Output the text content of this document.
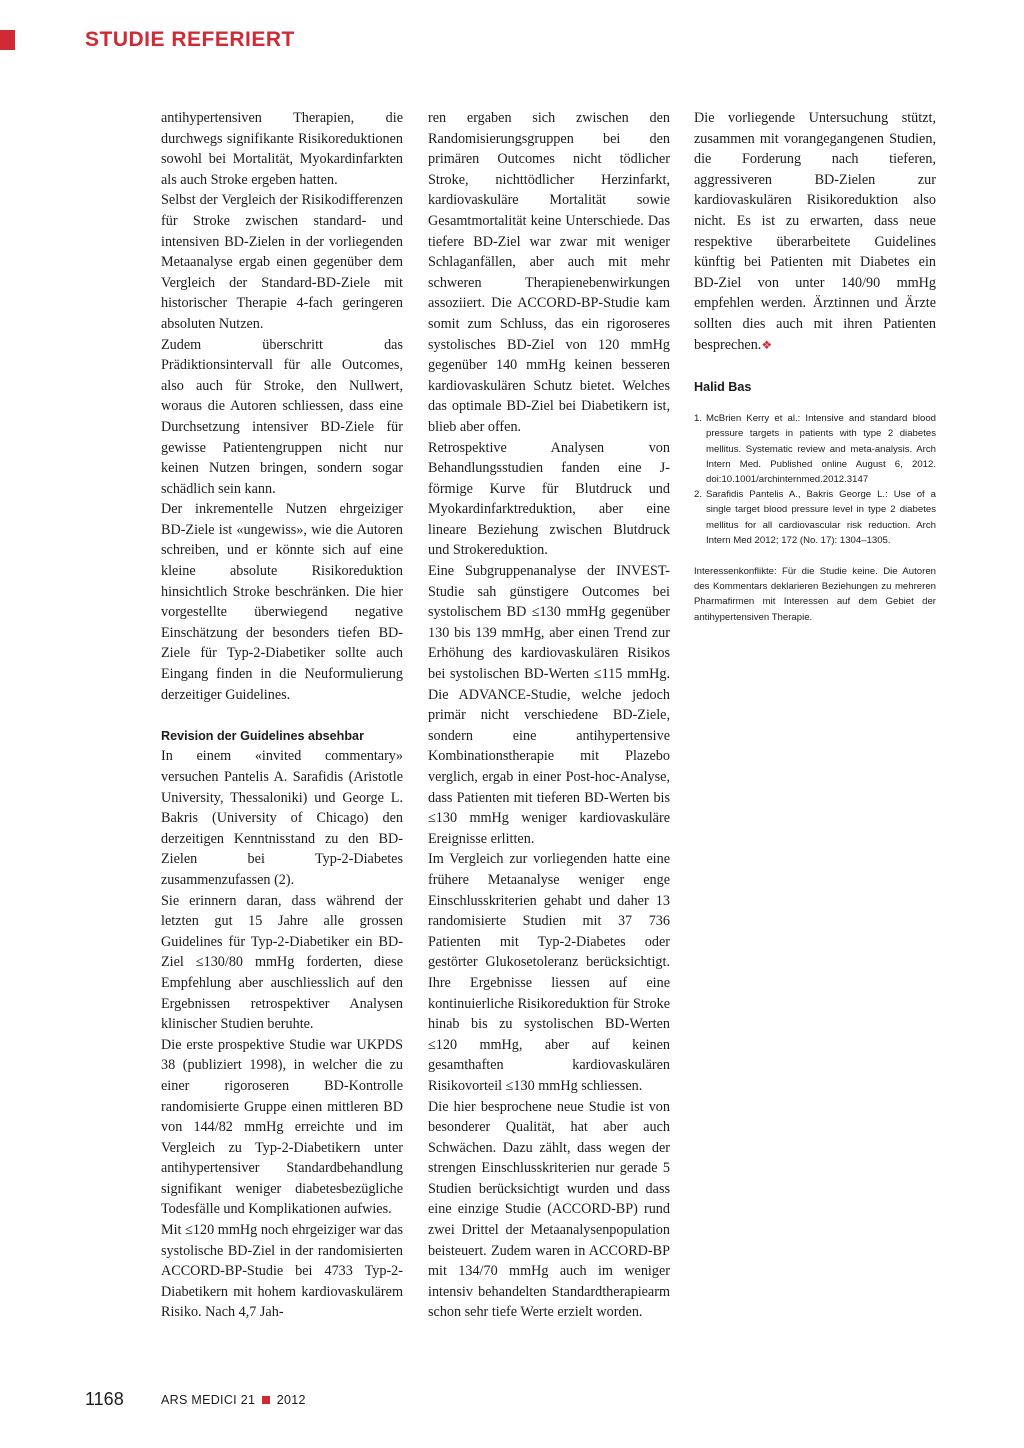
STUDIE REFERIERT

antihypertensiven Therapien, die durchwegs signifikante Risikoreduktionen sowohl bei Mortalität, Myokardinfarkten als auch Stroke ergeben hatten.

Selbst der Vergleich der Risikodifferenzen für Stroke zwischen standard- und intensiven BD-Zielen in der vorliegenden Metaanalyse ergab einen gegenüber dem Vergleich der Standard-BD-Ziele mit historischer Therapie 4-fach geringeren absoluten Nutzen.

Zudem überschritt das Prädiktionsintervall für alle Outcomes, also auch für Stroke, den Nullwert, woraus die Autoren schliessen, dass eine Durchsetzung intensiver BD-Ziele für gewisse Patientengruppen nicht nur keinen Nutzen bringen, sondern sogar schädlich sein kann.

Der inkrementelle Nutzen ehrgeiziger BD-Ziele ist «ungewiss», wie die Autoren schreiben, und er könnte sich auf eine kleine absolute Risikoreduktion hinsichtlich Stroke beschränken. Die hier vorgestellte überwiegend negative Einschätzung der besonders tiefen BD-Ziele für Typ-2-Diabetiker sollte auch Eingang finden in die Neuformulierung derzeitiger Guidelines.

Revision der Guidelines absehbar

In einem «invited commentary» versuchen Pantelis A. Sarafidis (Aristotle University, Thessaloniki) und George L. Bakris (University of Chicago) den derzeitigen Kenntnisstand zu den BD-Zielen bei Typ-2-Diabetes zusammenzufassen (2).

Sie erinnern daran, dass während der letzten gut 15 Jahre alle grossen Guidelines für Typ-2-Diabetiker ein BD-Ziel ≤130/80 mmHg forderten, diese Empfehlung aber auschliesslich auf den Ergebnissen retrospektiver Analysen klinischer Studien beruhte.

Die erste prospektive Studie war UKPDS 38 (publiziert 1998), in welcher die zu einer rigoroseren BD-Kontrolle randomisierte Gruppe einen mittleren BD von 144/82 mmHg erreichte und im Vergleich zu Typ-2-Diabetikern unter antihypertensiver Standardbehandlung signifikant weniger diabetesbezügliche Todesfälle und Komplikationen aufwies.

Mit ≤120 mmHg noch ehrgeiziger war das systolische BD-Ziel in der randomisierten ACCORD-BP-Studie bei 4733 Typ-2-Diabetikern mit hohem kardiovaskulärem Risiko. Nach 4,7 Jah-

ren ergaben sich zwischen den Randomisierungsgruppen bei den primären Outcomes nicht tödlicher Stroke, nichttödlicher Herzinfarkt, kardiovaskuläre Mortalität sowie Gesamtmortalität keine Unterschiede. Das tiefere BD-Ziel war zwar mit weniger Schlaganfällen, aber auch mit mehr schweren Therapienebenwirkungen assoziiert. Die ACCORD-BP-Studie kam somit zum Schluss, das ein rigoroseres systolisches BD-Ziel von 120 mmHg gegenüber 140 mmHg keinen besseren kardiovaskulären Schutz bietet. Welches das optimale BD-Ziel bei Diabetikern ist, blieb aber offen.

Retrospektive Analysen von Behandlungsstudien fanden eine J-förmige Kurve für Blutdruck und Myokardinfarktreduktion, aber eine lineare Beziehung zwischen Blutdruck und Strokereduktion.

Eine Subgruppenanalyse der INVEST-Studie sah günstigere Outcomes bei systolischem BD ≤130 mmHg gegenüber 130 bis 139 mmHg, aber einen Trend zur Erhöhung des kardiovaskulären Risikos bei systolischen BD-Werten ≤115 mmHg. Die ADVANCE-Studie, welche jedoch primär nicht verschiedene BD-Ziele, sondern eine antihypertensive Kombinationstherapie mit Plazebo verglich, ergab in einer Post-hoc-Analyse, dass Patienten mit tieferen BD-Werten bis ≤130 mmHg weniger kardiovaskuläre Ereignisse erlitten.

Im Vergleich zur vorliegenden hatte eine frühere Metaanalyse weniger enge Einschlusskriterien gehabt und daher 13 randomisierte Studien mit 37 736 Patienten mit Typ-2-Diabetes oder gestörter Glukosetoleranz berücksichtigt. Ihre Ergebnisse liessen auf eine kontinuierliche Risikoreduktion für Stroke hinab bis zu systolischen BD-Werten ≤120 mmHg, aber auf keinen gesamthaften kardiovaskulären Risikovorteil ≤130 mmHg schliessen.

Die hier besprochene neue Studie ist von besonderer Qualität, hat aber auch Schwächen. Dazu zählt, dass wegen der strengen Einschlusskriterien nur gerade 5 Studien berücksichtigt wurden und dass eine einzige Studie (ACCORD-BP) rund zwei Drittel der Metaanalysenpopulation beisteuert. Zudem waren in ACCORD-BP mit 134/70 mmHg auch im weniger intensiv behandelten Standardtherapiearm schon sehr tiefe Werte erzielt worden.

Die vorliegende Untersuchung stützt, zusammen mit vorangegangenen Studien, die Forderung nach tieferen, aggressiveren BD-Zielen zur kardiovaskulären Risikoreduktion also nicht. Es ist zu erwarten, dass neue respektive überarbeitete Guidelines künftig bei Patienten mit Diabetes ein BD-Ziel von unter 140/90 mmHg empfehlen werden. Ärztinnen und Ärzte sollten dies auch mit ihren Patienten besprechen.❖

Halid Bas
1. McBrien Kerry et al.: Intensive and standard blood pressure targets in patients with type 2 diabetes mellitus. Systematic review and meta-analysis. Arch Intern Med. Published online August 6, 2012. doi:10.1001/archinternmed.2012.3147
2. Sarafidis Pantelis A., Bakris George L.: Use of a single target blood pressure level in type 2 diabetes mellitus for all cardiovascular risk reduction. Arch Intern Med 2012; 172 (No. 17): 1304–1305.
Interessenkonflikte: Für die Studie keine. Die Autoren des Kommentars deklarieren Beziehungen zu mehreren Pharmafirmen mit Interessen auf dem Gebiet der antihypertensiven Therapie.
1168	ARS MEDICI 21 2012
